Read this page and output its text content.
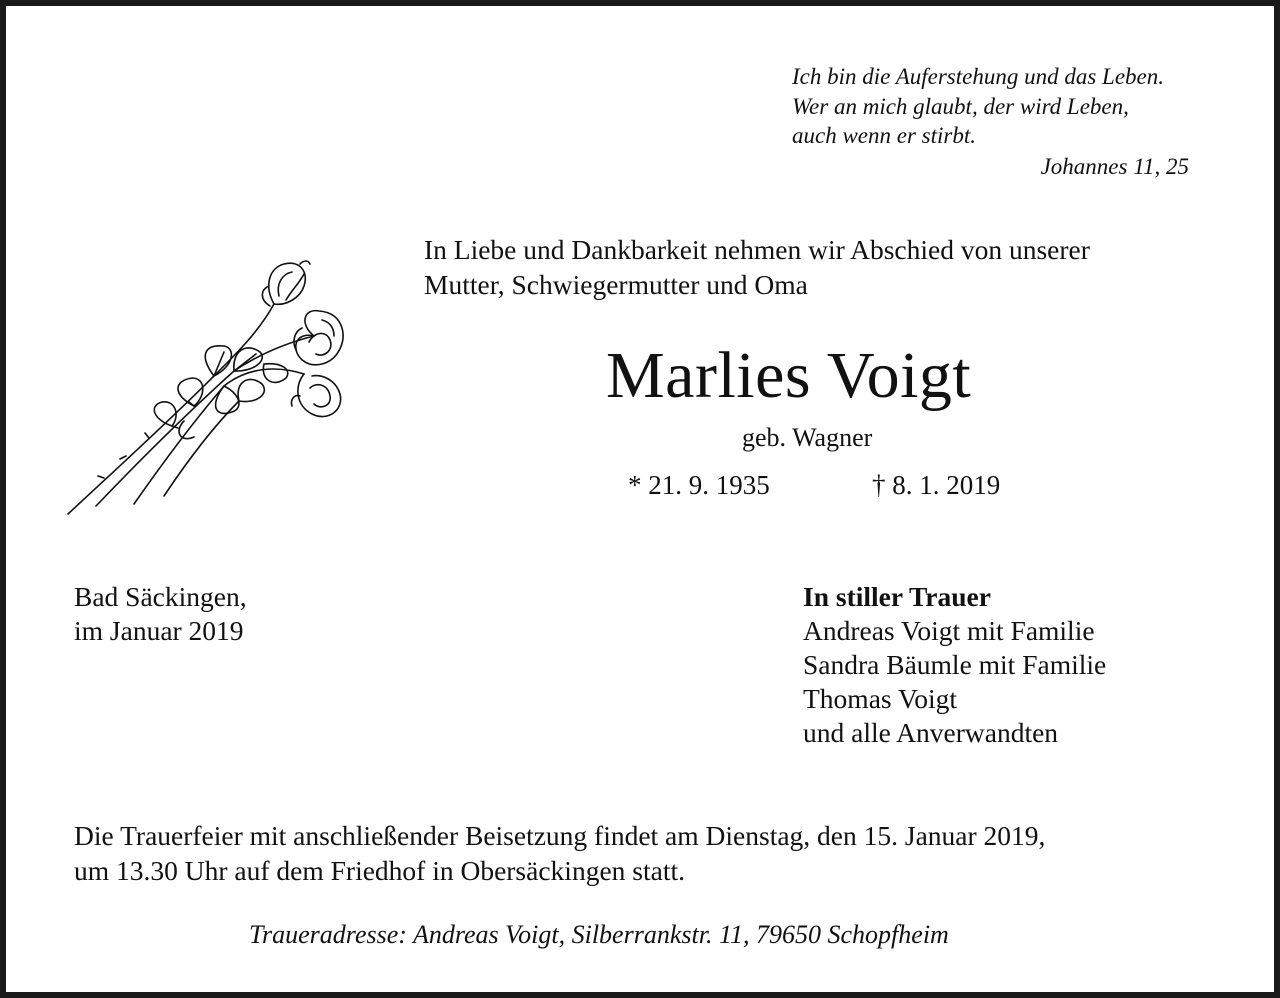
Ich bin die Auferstehung und das Leben.
Wer an mich glaubt, der wird Leben,
auch wenn er stirbt.
Johannes 11, 25
In Liebe und Dankbarkeit nehmen wir Abschied von unserer
Mutter, Schwiegermutter und Oma
Marlies Voigt
geb. Wagner
* 21. 9. 1935	† 8. 1. 2019
Bad Säckingen,
im Januar 2019
In stiller Trauer
Andreas Voigt mit Familie
Sandra Bäumle mit Familie
Thomas Voigt
und alle Anverwandten
Die Trauerfeier mit anschließender Beisetzung findet am Dienstag, den 15. Januar 2019,
um 13.30 Uhr auf dem Friedhof in Obersäckingen statt.
Traueradresse: Andreas Voigt, Silberrankstr. 11, 79650 Schopfheim
